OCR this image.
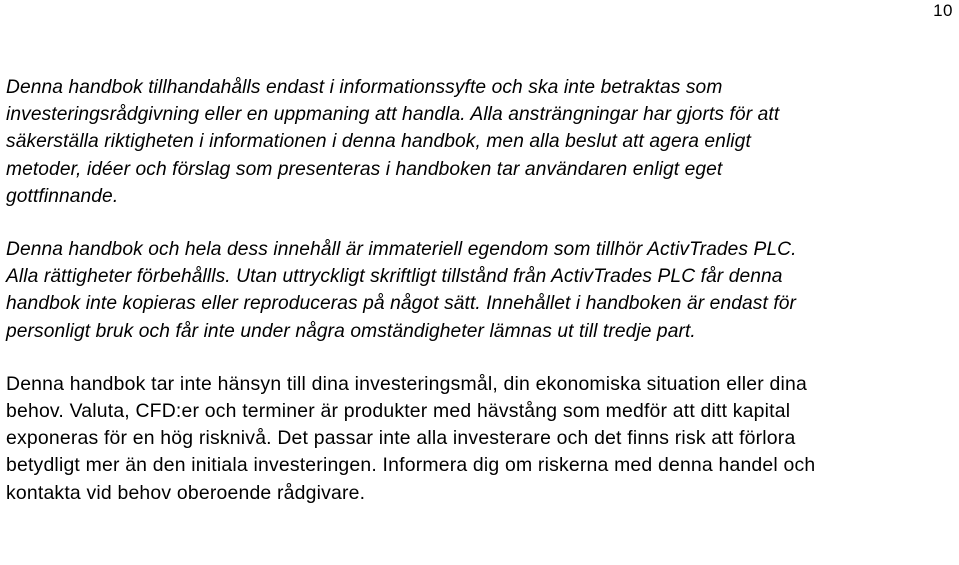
10

Denna handbok tillhandahålls endast i informationssyfte och ska inte betraktas som
investeringsrådgivning eller en uppmaning att handla. Alla ansträngningar har gjorts för att
säkerställa riktigheten i informationen i denna handbok, men alla beslut att agera enligt
metoder, idéer och förslag som presenteras i handboken tar användaren enligt eget
gottfinnande.

Denna handbok och hela dess innehåll är immateriell egendom som tillhör ActivTrades PLC.
Alla rättigheter förbehållls. Utan uttryckligt skriftligt tillstånd från ActivTrades PLC får denna
handbok inte kopieras eller reproduceras på något sätt. Innehållet i handboken är endast för
personligt bruk och får inte under några omständigheter lämnas ut till tredje part.

Denna handbok tar inte hänsyn till dina investeringsmål, din ekonomiska situation eller dina
behov. Valuta, CFD:er och terminer är produkter med hävstång som medför att ditt kapital
exponeras för en hög risknivå. Det passar inte alla investerare och det finns risk att förlora
betydligt mer än den initiala investeringen. Informera dig om riskerna med denna handel och
kontakta vid behov oberoende rådgivare.
